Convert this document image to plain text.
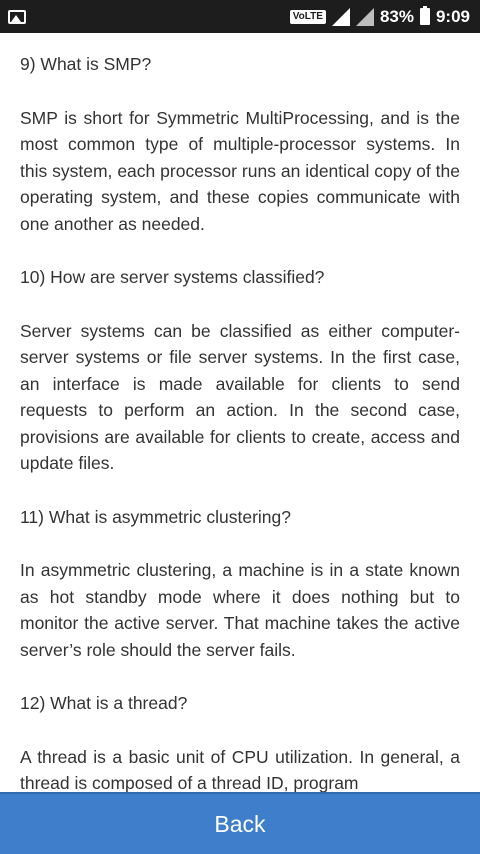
VoLTE	83% 9:09

9) What is SMP?

SMP is short for Symmetric MultiProcessing, and is the most common type of multiple-processor systems. In this system, each processor runs an identical copy of the operating system, and these copies communicate with one another as needed.

10) How are server systems classified?

Server systems can be classified as either computer-server systems or file server systems. In the first case, an interface is made available for clients to send requests to perform an action. In the second case, provisions are available for clients to create, access and update files.

11) What is asymmetric clustering?

In asymmetric clustering, a machine is in a state known as hot standby mode where it does nothing but to monitor the active server. That machine takes the active server’s role should the server fails.

12) What is a thread?

A thread is a basic unit of CPU utilization. In general, a thread is composed of a thread ID, program

Back
